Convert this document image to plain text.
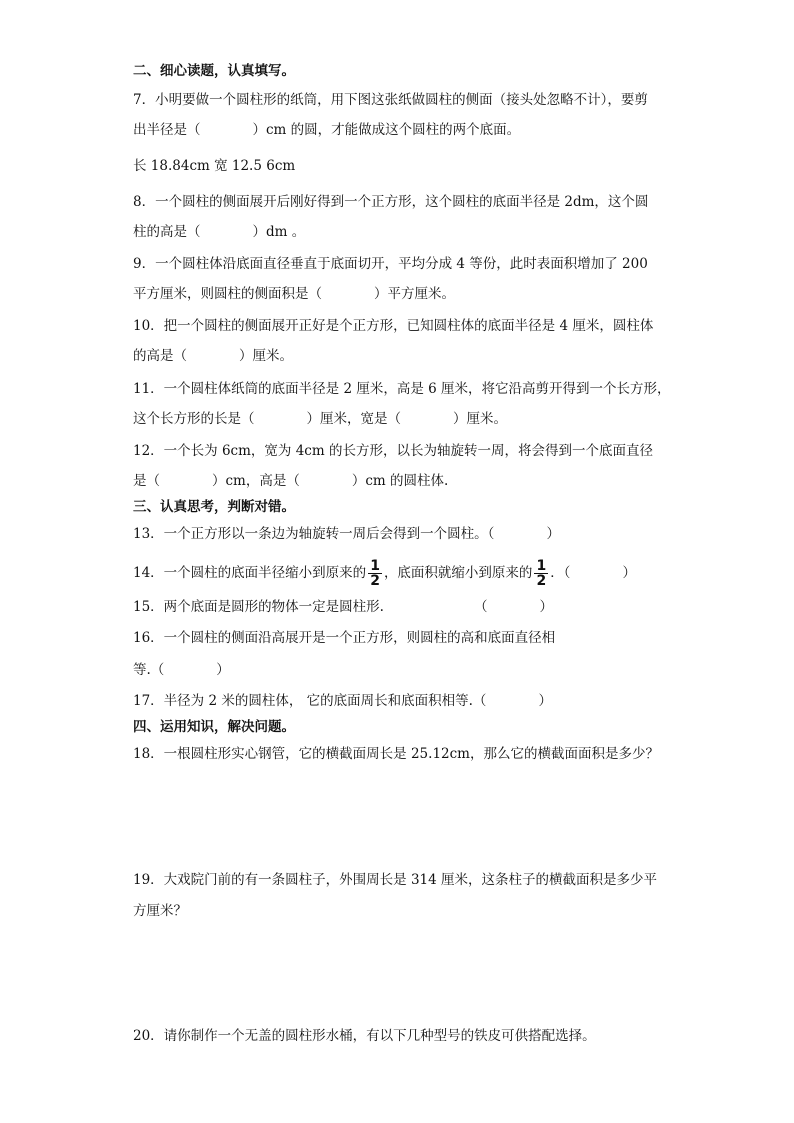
二、细心读题，认真填写。
7．小明要做一个圆柱形的纸筒，用下图这张纸做圆柱的侧面（接头处忽略不计），要剪
出半径是（	）cm 的圆，才能做成这个圆柱的两个底面。
长 18.84cm 宽 12.5 6cm
8．一个圆柱的侧面展开后刚好得到一个正方形，这个圆柱的底面半径是 2dm，这个圆
柱的高是（	）dm 。
9．一个圆柱体沿底面直径垂直于底面切开，平均分成 4 等份，此时表面积增加了 200
平方厘米，则圆柱的侧面积是（	）平方厘米。
10．把一个圆柱的侧面展开正好是个正方形，已知圆柱体的底面半径是 4 厘米，圆柱体
的高是（	）厘米。
11．一个圆柱体纸筒的底面半径是 2 厘米，高是 6 厘米，将它沿高剪开得到一个长方形，
这个长方形的长是（	）厘米，宽是（	）厘米。
12．一个长为 6cm，宽为 4cm 的长方形，以长为轴旋转一周，将会得到一个底面直径
是（	）cm，高是（	）cm 的圆柱体.
三、认真思考，判断对错。
13．一个正方形以一条边为轴旋转一周后会得到一个圆柱。（	）
14．一个圆柱的底面半径缩小到原来的 $\frac{1}{2}$ ，底面积就缩小到原来的 $\frac{1}{2}$ ．（	）
15．两个底面是圆形的物体一定是圆柱形.	（	）
16．一个圆柱的侧面沿高展开是一个正方形，则圆柱的高和底面直径相
等.（	）
17．半径为 2 米的圆柱体， 它的底面周长和底面积相等.（	）
四、运用知识，解决问题。
18．一根圆柱形实心钢管，它的横截面周长是 25.12cm，那么它的横截面面积是多少？
19．大戏院门前的有一条圆柱子，外围周长是 314 厘米，这条柱子的横截面积是多少平
方厘米？
20．请你制作一个无盖的圆柱形水桶，有以下几种型号的铁皮可供搭配选择。
